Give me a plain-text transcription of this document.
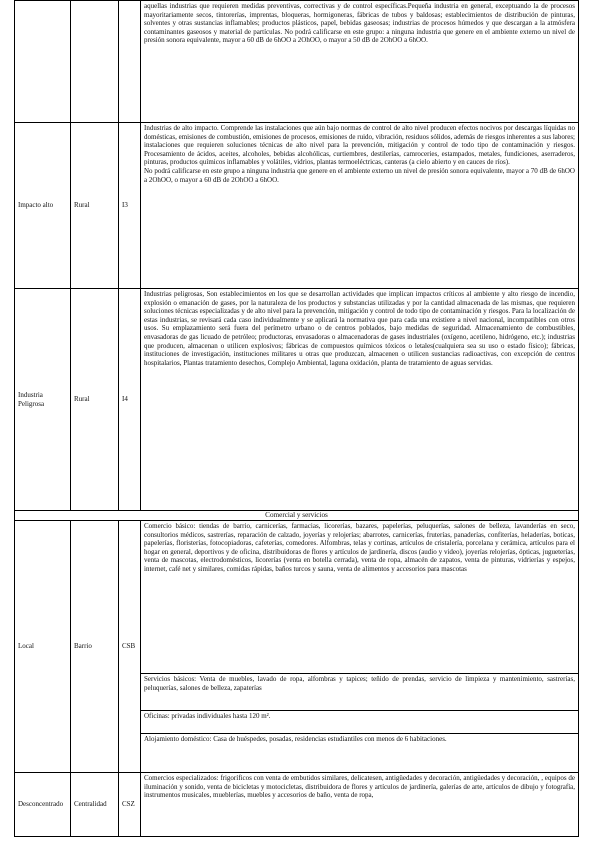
			aquellas industrias que requieren medidas preventivas, correctivas y de control específicas.Pequeña industria en general, exceptuando la de procesos mayoritariamente secos, tintorerías, imprentas, bloqueras, hormigoneras, fábricas de tubos y baldosas; establecimientos de distribución de pinturas, solventes y otras sustancias inflamables; productos plásticos, papel, bebidas gaseosas; industrias de procesos húmedos y que descargan a la atmósfera contaminantes gaseosos y material de partículas. No podrá calificarse en este grupo: a ninguna industria que genere en el ambiente externo un nivel de presión sonora equivalente, mayor a 60 dB de 6hOO a 2OhOO, o mayor a 50 dB de 2OhOO a 6hOO.

Impacto alto	Rural	I3	Industrias de alto impacto. Comprende las instalaciones que aún bajo normas de control de alto nivel producen efectos nocivos por descargas líquidas no domésticas, emisiones de combustión, emisiones de procesos, emisiones de ruido, vibración, residuos sólidos, además de riesgos inherentes a sus labores; instalaciones que requieren soluciones técnicas de alto nivel para la prevención, mitigación y control de todo tipo de contaminación y riesgos. Procesamiento de ácidos, aceites, alcoholes, bebidas alcohólicas, curtiembres, destilerías, camroceries, estampados, metales, fundiciones, aserraderos, pinturas, productos químicos inflamables y volátiles, vidrios, plantas termoeléctricas, canteras (a cielo abierto y en cauces de ríos).
No podrá calificarse en este grupo a ninguna industria que genere en el ambiente externo un nivel de presión sonora equivalente, mayor a 70 dB de 6hOO a 2OhOO, o mayor a 60 dB de 2OhOO a 6hOO.

Industria Peligrosa	Rural	I4	Industrias peligrosas, Son establecimientos en los que se desarrollan actividades que implican impactos críticos al ambiente y alto riesgo de incendio, explosión o emanación de gases, por la naturaleza de los productos y substancias utilizadas y por la cantidad almacenada de las mismas, que requieren soluciones técnicas especializadas y de alto nivel para la prevención, mitigación y control de todo tipo de contaminación y riesgos. Para la localización de estas industrias, se revisará cada caso individualmente y se aplicará la normativa que para cada una existiere a nivel nacional, incompatibles con otros usos. Su emplazamiento será fuera del perímetro urbano o de centros poblados, bajo medidas de seguridad. Almacenamiento de combustibles, envasadoras de gas licuado de petróleo; productoras, envasadoras o almacenadoras de gases industriales (oxígeno, acetileno, hidrógeno, etc.); industrias que producen, almacenan o utilicen explosivos; fábricas de compuestos químicos tóxicos o letales(cualquiera sea su uso o estado físico); fábricas, instituciones de investigación, instituciones militares u otras que produzcan, almacenen o utilicen sustancias radioactivas, con excepción de centros hospitalarios, Plantas tratamiento desechos, Complejo Ambiental, laguna oxidación, planta de tratamiento de aguas servidas.

Comercial y servicios			
Local	Barrio	CSB	Comercio básico: tiendas de barrio, carnicerías, farmacias, licorerías, bazares, papelerías, peluquerías, salones de belleza, lavanderías en seco, consultorios médicos, sastrerías, reparación de calzado, joyerías y relojerías; abarrotes, carnicerías, fruterías, panaderías, confiterías, heladerías, boticas, papelerías, floristerías, fotocopiadoras, cafeterías, comedores. Alfombras, telas y cortinas, artículos de cristalería, porcelana y cerámica, artículos para el hogar en general, deportivos y de oficina, distribuidoras de flores y artículos de jardinería, discos (audio y video), joyerías relojerías, ópticas, jugueterías, venta de mascotas, electrodomésticos, licorerías (venta en botella cerrada), venta de ropa, almacén de zapatos, venta de pinturas, vidrierías y espejos, internet, café net y similares, comidas rápidas, baños turcos y sauna, venta de alimentos y accesorios para mascotas
Servicios básicos: Venta de muebles, lavado de ropa, alfombras y tapices; teñido de prendas, servicio de limpieza y mantenimiento, sastrerías, peluquerías, salones de belleza, zapaterías
Oficinas: privadas individuales hasta 120 m².
Alojamiento doméstico: Casa de huéspedes, posadas, residencias estudiantiles con menos de 6 habitaciones.

Desconcentrado	Centralidad	CSZ	Comercios especializados: frigoríficos con venta de embutidos similares, delicatesen, antigüedades y decoración, antigüedades y decoración, , equipos de iluminación y sonido, venta de bicicletas y motocicletas, distribuidora de flores y artículos de jardinería, galerías de arte, artículos de dibujo y fotografía, instrumentos musicales, mueblerías, muebles y accesorios de baño, venta de ropa,
